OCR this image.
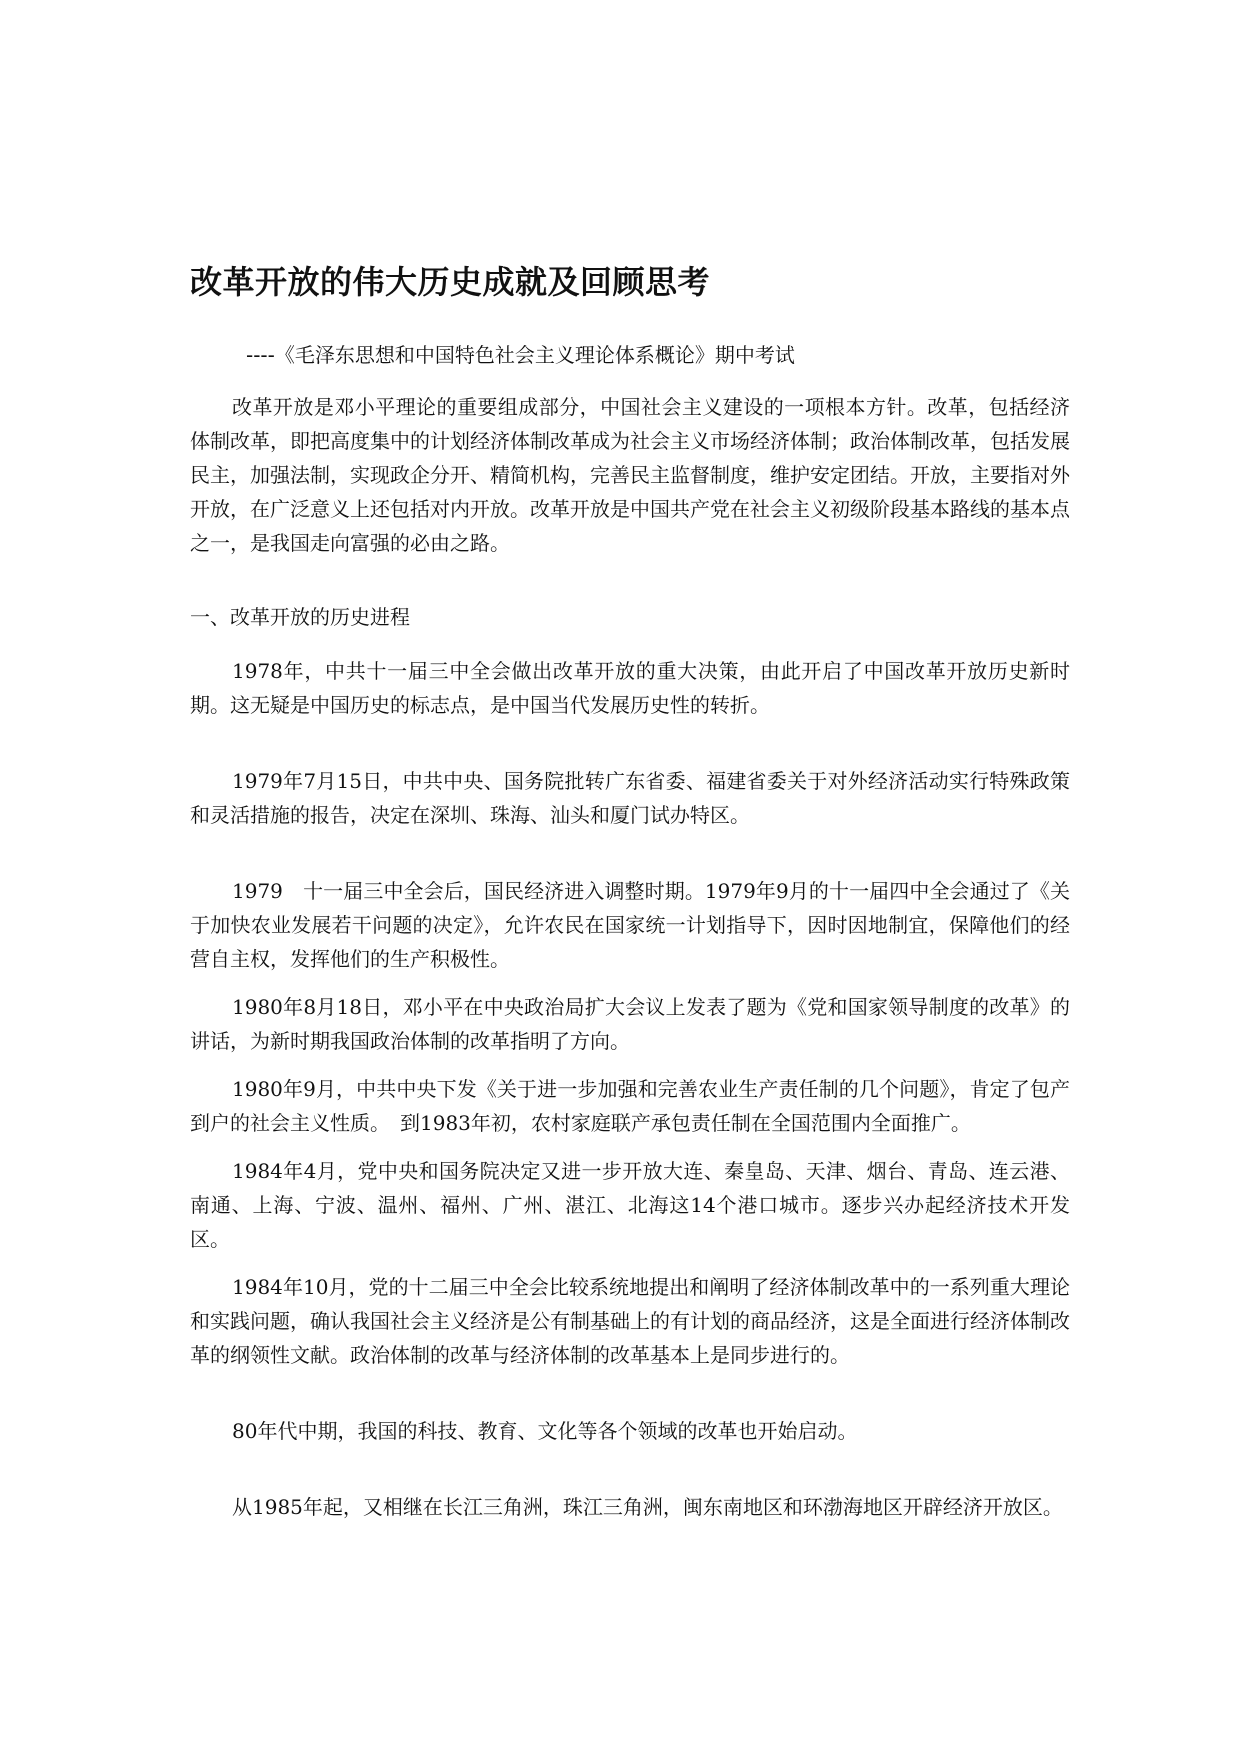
改革开放的伟大历史成就及回顾思考
----《毛泽东思想和中国特色社会主义理论体系概论》期中考试

改革开放是邓小平理论的重要组成部分，中国社会主义建设的一项根本方针。改革，包括经济体制改革，即把高度集中的计划经济体制改革成为社会主义市场经济体制；政治体制改革，包括发展民主，加强法制，实现政企分开、精简机构，完善民主监督制度，维护安定团结。开放，主要指对外开放，在广泛意义上还包括对内开放。改革开放是中国共产党在社会主义初级阶段基本路线的基本点之一，是我国走向富强的必由之路。

一、改革开放的历史进程

1978年，中共十一届三中全会做出改革开放的重大决策，由此开启了中国改革开放历史新时期。这无疑是中国历史的标志点，是中国当代发展历史性的转折。

1979年7月15日，中共中央、国务院批转广东省委、福建省委关于对外经济活动实行特殊政策和灵活措施的报告，决定在深圳、珠海、汕头和厦门试办特区。

1979　十一届三中全会后，国民经济进入调整时期。1979年9月的十一届四中全会通过了《关于加快农业发展若干问题的决定》，允许农民在国家统一计划指导下，因时因地制宜，保障他们的经营自主权，发挥他们的生产积极性。

1980年8月18日，邓小平在中央政治局扩大会议上发表了题为《党和国家领导制度的改革》的讲话，为新时期我国政治体制的改革指明了方向。

1980年9月，中共中央下发《关于进一步加强和完善农业生产责任制的几个问题》，肯定了包产到户的社会主义性质。　到1983年初，农村家庭联产承包责任制在全国范围内全面推广。

1984年4月，党中央和国务院决定又进一步开放大连、秦皇岛、天津、烟台、青岛、连云港、南通、上海、宁波、温州、福州、广州、湛江、北海这14个港口城市。逐步兴办起经济技术开发区。

1984年10月，党的十二届三中全会比较系统地提出和阐明了经济体制改革中的一系列重大理论和实践问题，确认我国社会主义经济是公有制基础上的有计划的商品经济，这是全面进行经济体制改革的纲领性文献。政治体制的改革与经济体制的改革基本上是同步进行的。

80年代中期，我国的科技、教育、文化等各个领域的改革也开始启动。

从1985年起，又相继在长江三角洲，珠江三角洲，闽东南地区和环渤海地区开辟经济开放区。
